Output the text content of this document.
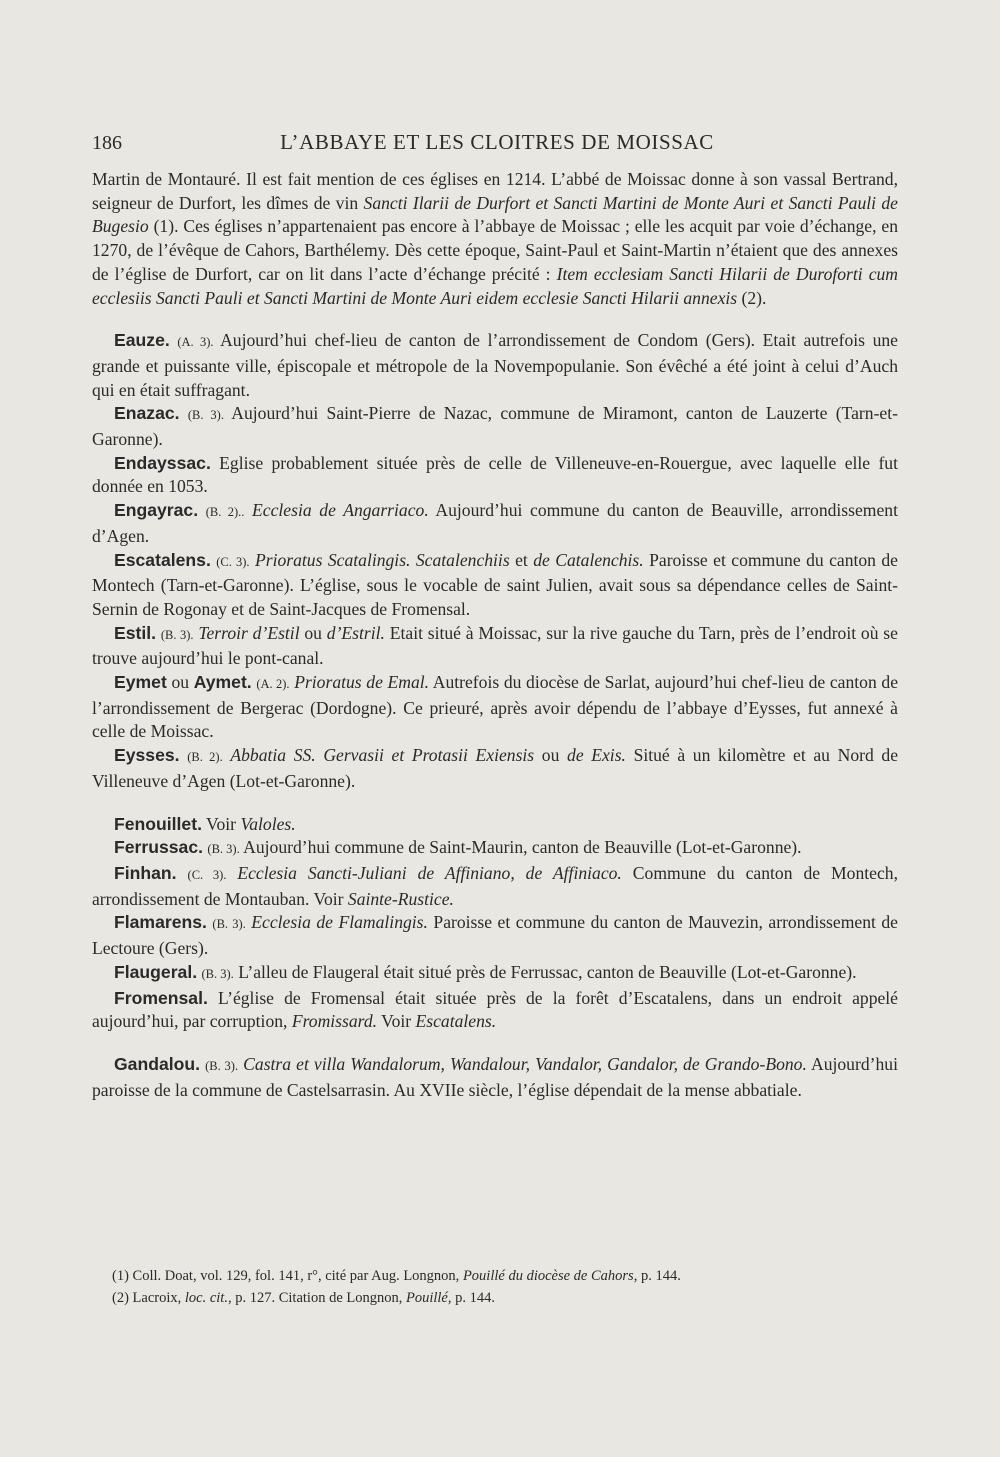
186	L’ABBAYE ET LES CLOITRES DE MOISSAC

Martin de Montauré. Il est fait mention de ces églises en 1214. L’abbé de Moissac donne à son vassal Bertrand, seigneur de Durfort, les dîmes de vin Sancti Ilarii de Durfort et Sancti Martini de Monte Auri et Sancti Pauli de Bugesio (1). Ces églises n’appartenaient pas encore à l’abbaye de Moissac ; elle les acquit par voie d’échange, en 1270, de l’évêque de Cahors, Barthélemy. Dès cette époque, Saint-Paul et Saint-Martin n’étaient que des annexes de l’église de Durfort, car on lit dans l’acte d’échange précité : Item ecclesiam Sancti Hilarii de Duroforti cum ecclesiis Sancti Pauli et Sancti Martini de Monte Auri eidem ecclesie Sancti Hilarii annexis (2).

Eauze. (A. 3). Aujourd’hui chef-lieu de canton de l’arrondissement de Condom (Gers). Etait autrefois une grande et puissante ville, épiscopale et métropole de la Novempopulanie. Son évêché a été joint à celui d’Auch qui en était suffragant.

Enazac. (B. 3). Aujourd’hui Saint-Pierre de Nazac, commune de Miramont, canton de Lauzerte (Tarn-et-Garonne).

Endayssac. Eglise probablement située près de celle de Villeneuve-en-Rouergue, avec laquelle elle fut donnée en 1053.

Engayrac. (B. 2).. Ecclesia de Angarriaco. Aujourd’hui commune du canton de Beauville, arrondissement d’Agen.

Escatalens. (C. 3). Prioratus Scatalingis. Scatalenchiis et de Catalenchis. Paroisse et commune du canton de Montech (Tarn-et-Garonne). L’église, sous le vocable de saint Julien, avait sous sa dépendance celles de Saint-Sernin de Rogonay et de Saint-Jacques de Fromensal.

Estil. (B. 3). Terroir d’Estil ou d’Estril. Etait situé à Moissac, sur la rive gauche du Tarn, près de l’endroit où se trouve aujourd’hui le pont-canal.

Eymet ou Aymet. (A. 2). Prioratus de Emal. Autrefois du diocèse de Sarlat, aujourd’hui chef-lieu de canton de l’arrondissement de Bergerac (Dordogne). Ce prieuré, après avoir dépendu de l’abbaye d’Eysses, fut annexé à celle de Moissac.

Eysses. (B. 2). Abbatia SS. Gervasii et Protasii Exiensis ou de Exis. Situé à un kilomètre et au Nord de Villeneuve d’Agen (Lot-et-Garonne).

Fenouillet. Voir Valoles.

Ferrussac. (B. 3). Aujourd’hui commune de Saint-Maurin, canton de Beauville (Lot-et-Garonne).

Finhan. (C. 3). Ecclesia Sancti-Juliani de Affiniano, de Affiniaco. Commune du canton de Montech, arrondissement de Montauban. Voir Sainte-Rustice.

Flamarens. (B. 3). Ecclesia de Flamalingis. Paroisse et commune du canton de Mauvezin, arrondissement de Lectoure (Gers).

Flaugeral. (B. 3). L’alleu de Flaugeral était situé près de Ferrussac, canton de Beauville (Lot-et-Garonne).

Fromensal. L’église de Fromensal était située près de la forêt d’Escatalens, dans un endroit appelé aujourd’hui, par corruption, Fromissard. Voir Escatalens.

Gandalou. (B. 3). Castra et villa Wandalorum, Wandalour, Vandalor, Gandalor, de Grando-Bono. Aujourd’hui paroisse de la commune de Castelsarrasin. Au XVIIe siècle, l’église dépendait de la mense abbatiale.

(1) Coll. Doat, vol. 129, fol. 141, r°, cité par Aug. Longnon, Pouillé du diocèse de Cahors, p. 144.

(2) Lacroix, loc. cit., p. 127. Citation de Longnon, Pouillé, p. 144.
